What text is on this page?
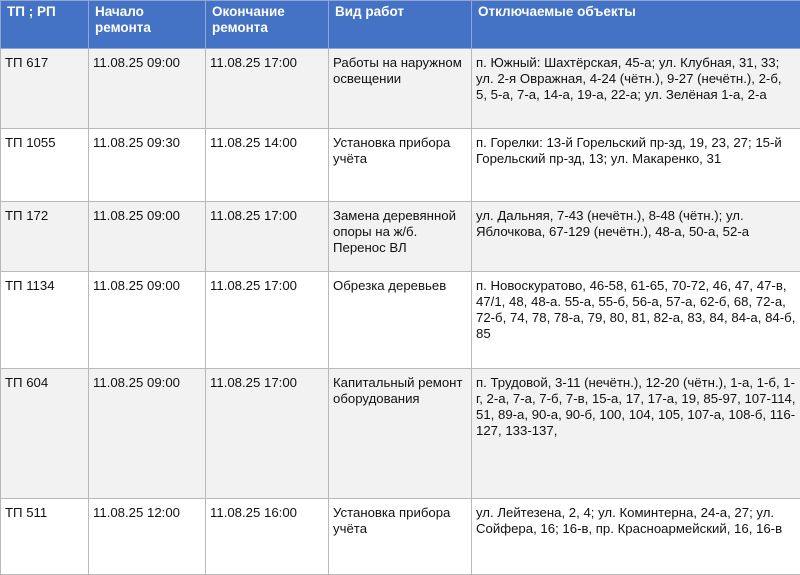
ТП ; РП	Начало ремонта	Окончание ремонта	Вид работ	Отключаемые объекты
ТП 617	11.08.25 09:00	11.08.25 17:00	Работы на наружном освещении	п. Южный: Шахтёрская, 45-а; ул. Клубная, 31, 33; ул. 2-я Овражная, 4-24 (чётн.), 9-27 (нечётн.), 2-б, 5, 5-а, 7-а, 14-а, 19-а, 22-а; ул. Зелёная 1-а, 2-а
ТП 1055	11.08.25 09:30	11.08.25 14:00	Установка прибора учёта	п. Горелки: 13-й Горельский пр-зд, 19, 23, 27; 15-й Горельский пр-зд, 13; ул. Макаренко, 31
ТП 172	11.08.25 09:00	11.08.25 17:00	Замена деревянной опоры на ж/б. Перенос ВЛ	ул. Дальняя, 7-43 (нечётн.), 8-48 (чётн.); ул. Яблочкова, 67-129 (нечётн.), 48-а, 50-а, 52-а
ТП 1134	11.08.25 09:00	11.08.25 17:00	Обрезка деревьев	п. Новоскуратово, 46-58, 61-65, 70-72, 46, 47, 47-в, 47/1, 48, 48-а. 55-а, 55-б, 56-а, 57-а, 62-б, 68, 72-а, 72-б, 74, 78, 78-а, 79, 80, 81, 82-а, 83, 84, 84-а, 84-б, 85
ТП 604	11.08.25 09:00	11.08.25 17:00	Капитальный ремонт оборудования	п. Трудовой, 3-11 (нечётн.), 12-20 (чётн.), 1-а, 1-б, 1-г, 2-а, 7-а, 7-б, 7-в, 15-а, 17, 17-а, 19, 85-97, 107-114, 51, 89-а, 90-а, 90-б, 100, 104, 105, 107-а, 108-б, 116-127, 133-137,
ТП 511	11.08.25 12:00	11.08.25 16:00	Установка прибора учёта	ул. Лейтезена, 2, 4; ул. Коминтерна, 24-а, 27; ул. Сойфера, 16; 16-в, пр. Красноармейский, 16, 16-в
